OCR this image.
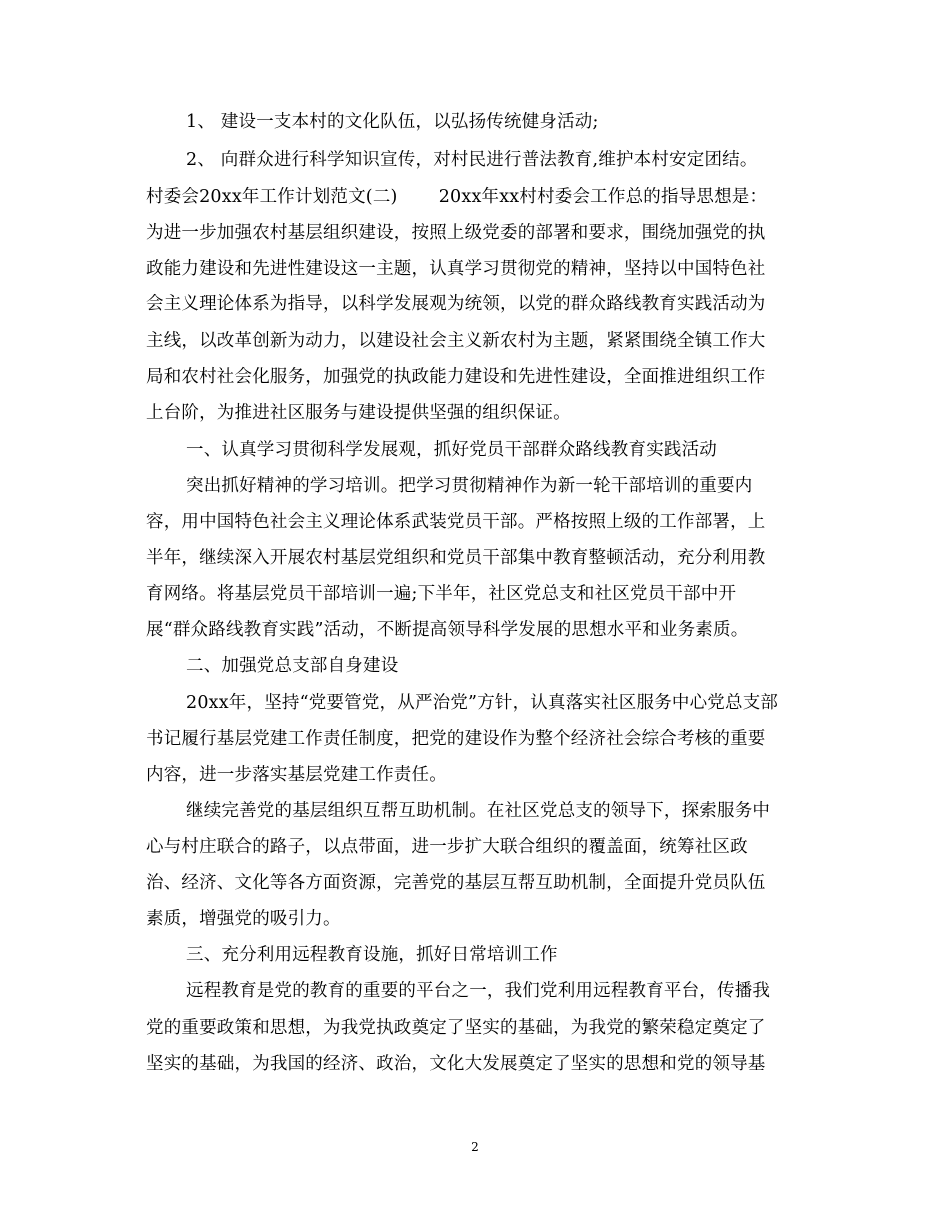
1、 建设一支本村的文化队伍，以弘扬传统健身活动;
2、 向群众进行科学知识宣传，对村民进行普法教育,维护本村安定团结。
村委会20xx年工作计划范文(二)　　 20xx年xx村村委会工作总的指导思想是：
为进一步加强农村基层组织建设，按照上级党委的部署和要求，围绕加强党的执
政能力建设和先进性建设这一主题，认真学习贯彻党的精神，坚持以中国特色社
会主义理论体系为指导，以科学发展观为统领，以党的群众路线教育实践活动为
主线，以改革创新为动力，以建设社会主义新农村为主题，紧紧围绕全镇工作大
局和农村社会化服务，加强党的执政能力建设和先进性建设，全面推进组织工作
上台阶，为推进社区服务与建设提供坚强的组织保证。
一、认真学习贯彻科学发展观，抓好党员干部群众路线教育实践活动
突出抓好精神的学习培训。把学习贯彻精神作为新一轮干部培训的重要内
容，用中国特色社会主义理论体系武装党员干部。严格按照上级的工作部署，上
半年，继续深入开展农村基层党组织和党员干部集中教育整顿活动，充分利用教
育网络。将基层党员干部培训一遍;下半年，社区党总支和社区党员干部中开
展“群众路线教育实践”活动，不断提高领导科学发展的思想水平和业务素质。
二、加强党总支部自身建设
20xx年，坚持“党要管党，从严治党”方针，认真落实社区服务中心党总支部
书记履行基层党建工作责任制度，把党的建设作为整个经济社会综合考核的重要
内容，进一步落实基层党建工作责任。
继续完善党的基层组织互帮互助机制。在社区党总支的领导下，探索服务中
心与村庄联合的路子，以点带面，进一步扩大联合组织的覆盖面，统筹社区政
治、经济、文化等各方面资源，完善党的基层互帮互助机制，全面提升党员队伍
素质，增强党的吸引力。
三、充分利用远程教育设施，抓好日常培训工作
远程教育是党的教育的重要的平台之一，我们党利用远程教育平台，传播我
党的重要政策和思想，为我党执政奠定了坚实的基础，为我党的繁荣稳定奠定了
坚实的基础，为我国的经济、政治，文化大发展奠定了坚实的思想和党的领导基
2
